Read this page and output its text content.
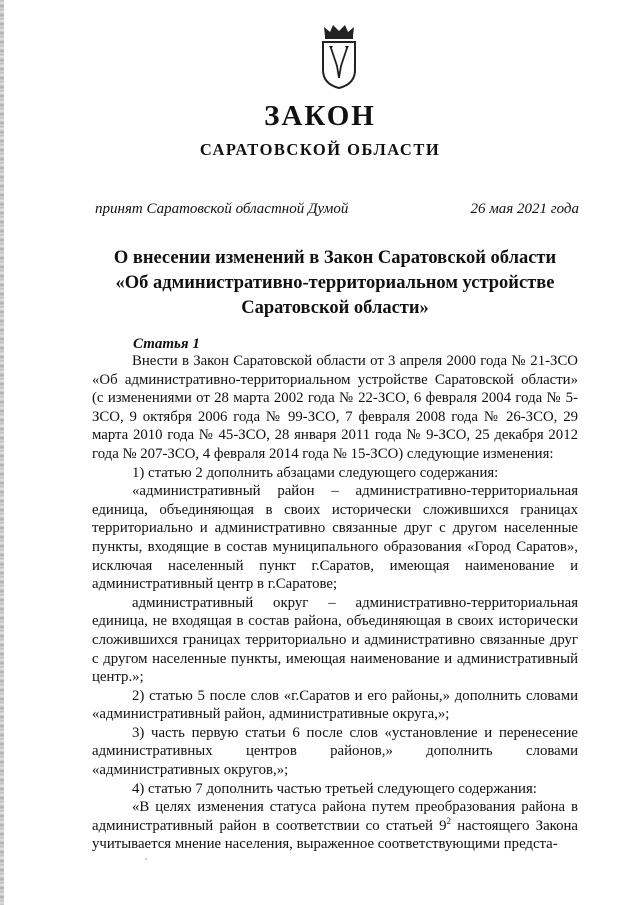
ЗАКОН
САРАТОВСКОЙ ОБЛАСТИ
принят Саратовской областной Думой	26 мая 2021 года
О внесении изменений в Закон Саратовской области
«Об административно-территориальном устройстве
Саратовской области»
Статья 1

Внести в Закон Саратовской области от 3 апреля 2000 года № 21-ЗСО «Об административно-территориальном устройстве Саратовской области» (с изменениями от 28 марта 2002 года № 22-ЗСО, 6 февраля 2004 года № 5-ЗСО, 9 октября 2006 года № 99-ЗСО, 7 февраля 2008 года № 26-ЗСО, 29 марта 2010 года № 45-ЗСО, 28 января 2011 года № 9-ЗСО, 25 декабря 2012 года № 207-ЗСО, 4 февраля 2014 года № 15-ЗСО) следующие изменения:

1) статью 2 дополнить абзацами следующего содержания:

«административный район – административно-территориальная единица, объединяющая в своих исторически сложившихся границах территориально и административно связанные друг с другом населенные пункты, входящие в состав муниципального образования «Город Саратов», исключая населенный пункт г.Саратов, имеющая наименование и административный центр в г.Саратове;

административный округ – административно-территориальная единица, не входящая в состав района, объединяющая в своих исторически сложившихся границах территориально и административно связанные друг с другом населенные пункты, имеющая наименование и административный центр.»;

2) статью 5 после слов «г.Саратов и его районы,» дополнить словами «административный район, административные округа,»;

3) часть первую статьи 6 после слов «установление и перенесение административных центров районов,» дополнить словами «административных округов,»;

4) статью 7 дополнить частью третьей следующего содержания:

«В целях изменения статуса района путем преобразования района в административный район в соответствии со статьей $9^2$ настоящего Закона учитывается мнение населения, выраженное соответствующими предста-
